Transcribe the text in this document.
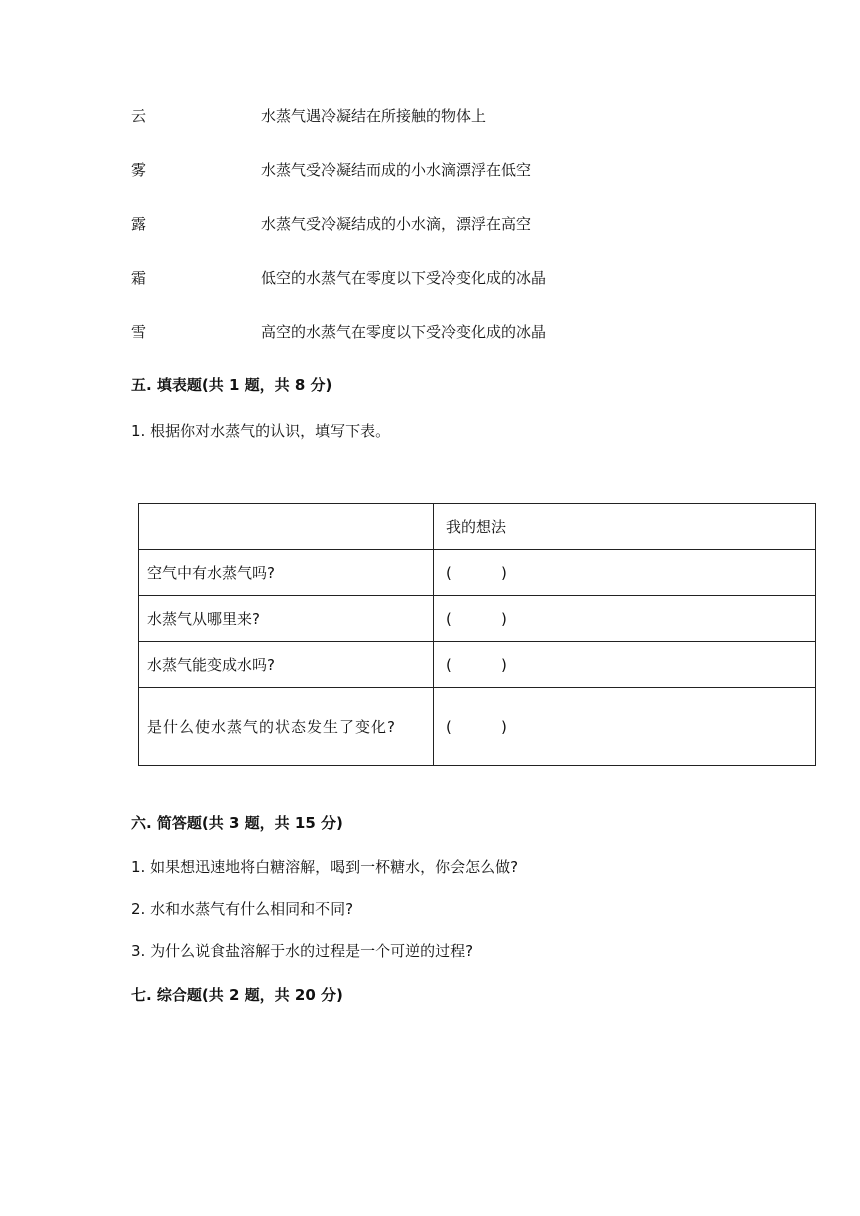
云	水蒸气遇冷凝结在所接触的物体上
雾	水蒸气受冷凝结而成的小水滴漂浮在低空
露	水蒸气受冷凝结成的小水滴，漂浮在高空
霜	低空的水蒸气在零度以下受冷变化成的冰晶
雪	高空的水蒸气在零度以下受冷变化成的冰晶
五. 填表题(共 1 题，共 8 分)
1. 根据你对水蒸气的认识，填写下表。
	我的想法
空气中有水蒸气吗?	( )
水蒸气从哪里来?	( )
水蒸气能变成水吗?	( )
是什么使水蒸气的状态发生了变化?	( )
六. 简答题(共 3 题，共 15 分)
1. 如果想迅速地将白糖溶解，喝到一杯糖水，你会怎么做?
2. 水和水蒸气有什么相同和不同?
3. 为什么说食盐溶解于水的过程是一个可逆的过程?
七. 综合题(共 2 题，共 20 分)
